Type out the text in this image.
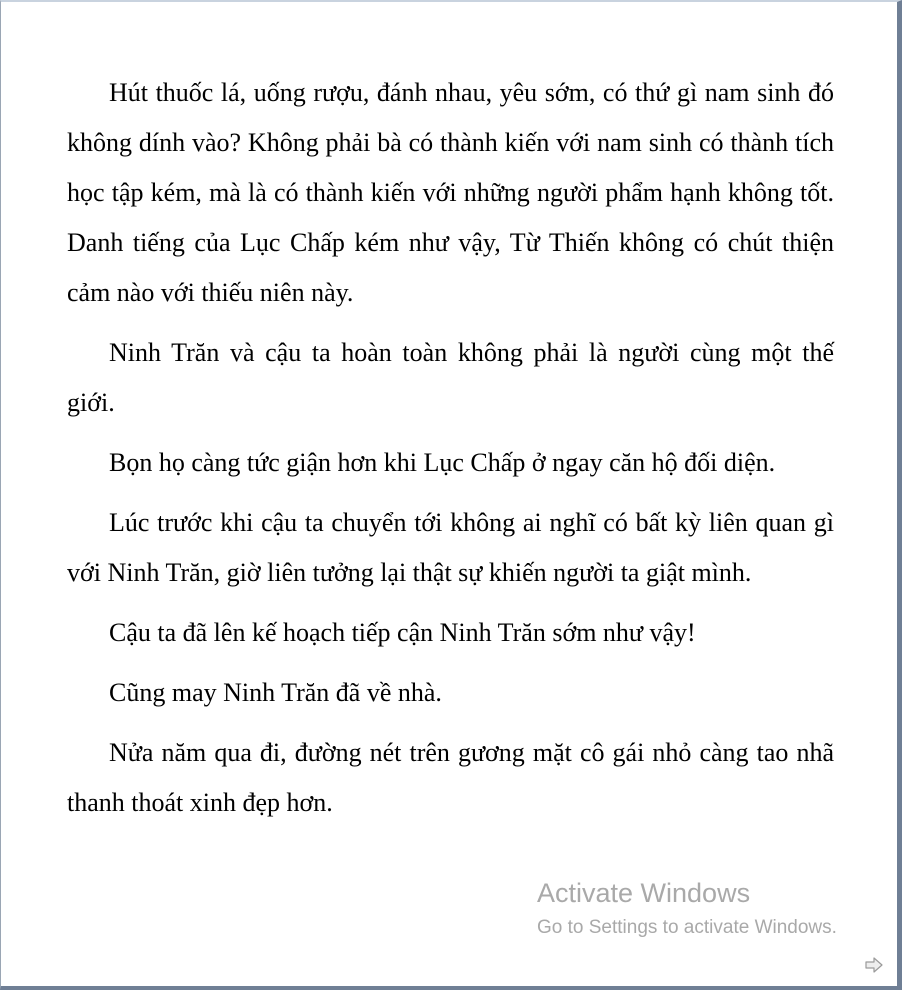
Hút thuốc lá, uống rượu, đánh nhau, yêu sớm, có thứ gì nam sinh đó không dính vào? Không phải bà có thành kiến với nam sinh có thành tích học tập kém, mà là có thành kiến với những người phẩm hạnh không tốt. Danh tiếng của Lục Chấp kém như vậy, Từ Thiến không có chút thiện cảm nào với thiếu niên này.

Ninh Trăn và cậu ta hoàn toàn không phải là người cùng một thế giới.

Bọn họ càng tức giận hơn khi Lục Chấp ở ngay căn hộ đối diện.

Lúc trước khi cậu ta chuyển tới không ai nghĩ có bất kỳ liên quan gì với Ninh Trăn, giờ liên tưởng lại thật sự khiến người ta giật mình.

Cậu ta đã lên kế hoạch tiếp cận Ninh Trăn sớm như vậy!

Cũng may Ninh Trăn đã về nhà.

Nửa năm qua đi, đường nét trên gương mặt cô gái nhỏ càng tao nhã thanh thoát xinh đẹp hơn.

Activate Windows
Go to Settings to activate Windows.
